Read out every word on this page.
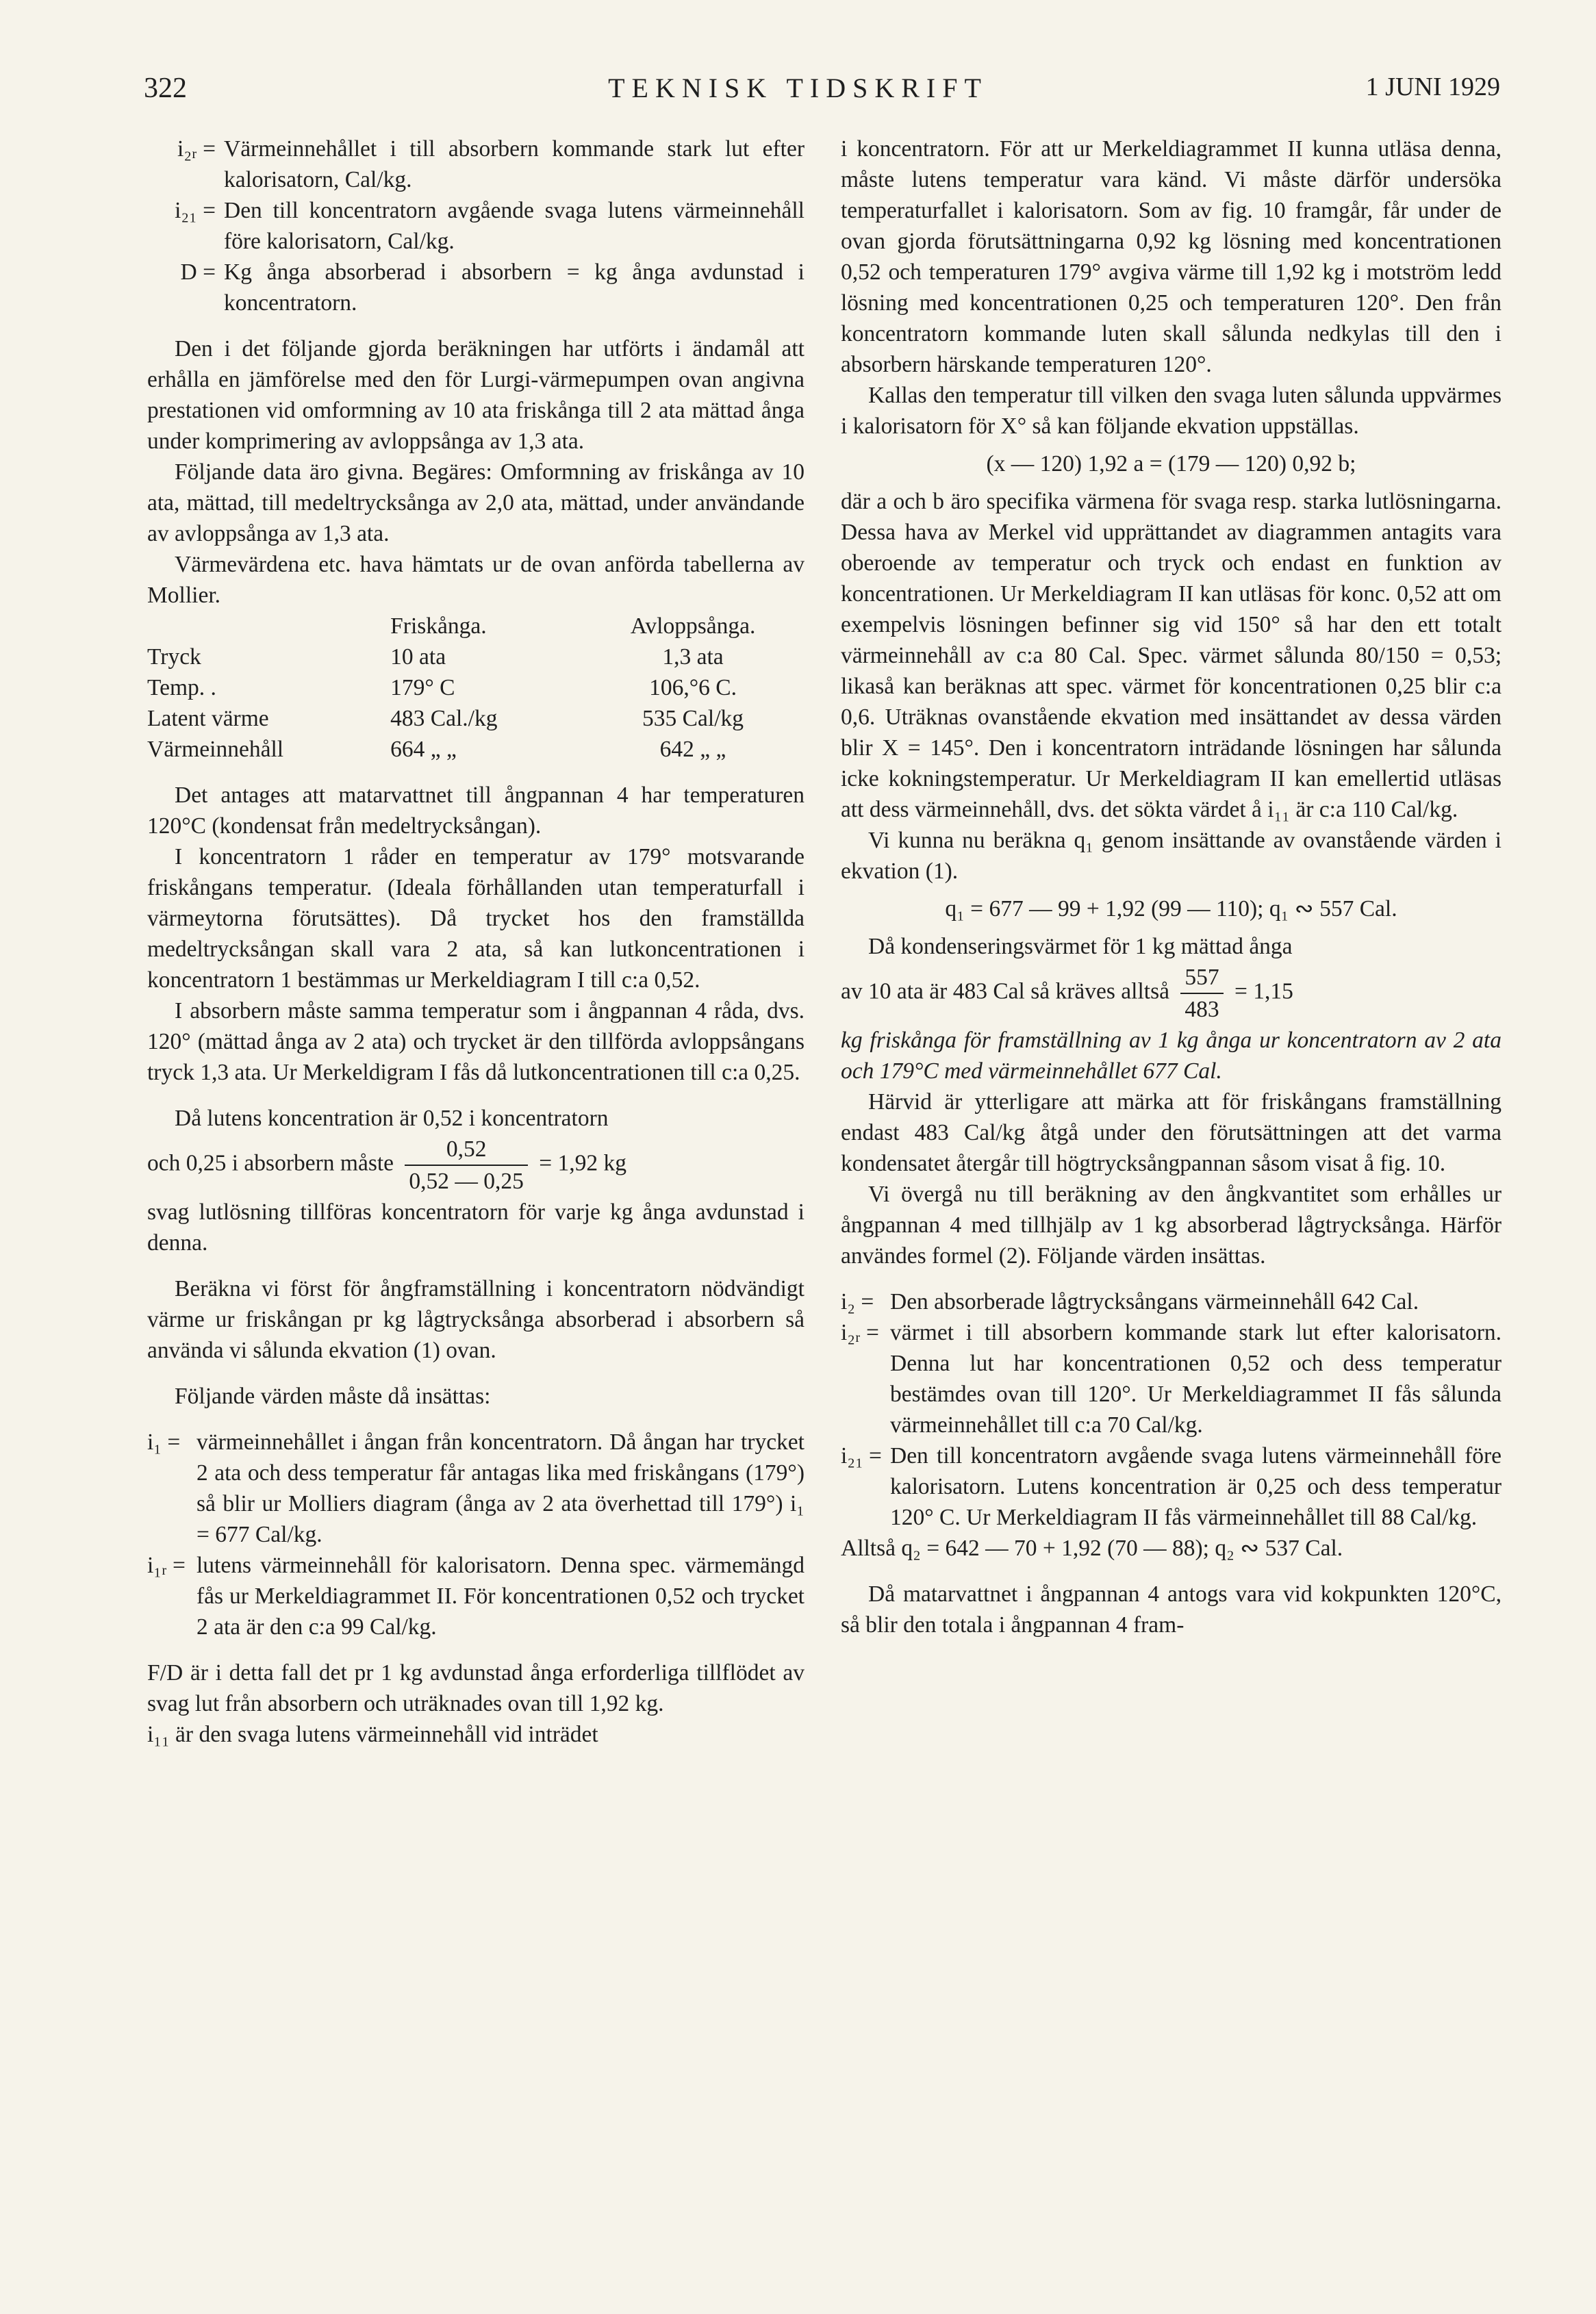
322	TEKNISK TIDSKRIFT	1 JUNI 1929
i₂ᵣ = Värmeinnehållet i till absorbern kommande stark lut efter kalorisatorn, Cal/kg.
i₂₁ = Den till koncentratorn avgående svaga lutens värmeinnehåll före kalorisatorn, Cal/kg.
D = Kg ånga absorberad i absorbern = kg ånga avdunstad i koncentratorn.

Den i det följande gjorda beräkningen har utförts i ändamål att erhålla en jämförelse med den för Lurgi-värmepumpen ovan angivna prestationen vid omformning av 10 ata friskånga till 2 ata mättad ånga under komprimering av avloppsånga av 1,3 ata.

Följande data äro givna. Begäres: Omformning av friskånga av 10 ata, mättad, till medeltrycksånga av 2,0 ata, mättad, under användande av avloppsånga av 1,3 ata.

Värmevärdena etc. hava hämtats ur de ovan anförda tabellerna av Mollier.

	Friskånga.	Avloppsånga.
Tryck	10 ata	1,3 ata
Temp. .	179° C	106,°6 C.
Latent värme	483 Cal./kg	535 Cal/kg
Värmeinnehåll	664 „ „	642 „ „

Det antages att matarvattnet till ångpannan 4 har temperaturen 120°C (kondensat från medeltrycksångan).

I koncentratorn 1 råder en temperatur av 179° motsvarande friskångans temperatur. (Ideala förhållanden utan temperaturfall i värmeytorna förutsättes). Då trycket hos den framställda medeltrycksångan skall vara 2 ata, så kan lutkoncentrationen i koncentratorn 1 bestämmas ur Merkeldiagram I till c:a 0,52.

I absorbern måste samma temperatur som i ångpannan 4 råda, dvs. 120° (mättad ånga av 2 ata) och trycket är den tillförda avloppsångans tryck 1,3 ata. Ur Merkeldigram I fås då lutkoncentrationen till c:a 0,25.

Då lutens koncentration är 0,52 i koncentratorn

och 0,25 i absorbern måste $\frac{0,52}{0,52 — 0,25} = 1,92$ kg

svag lutlösning tillföras koncentratorn för varje kg ånga avdunstad i denna.

Beräkna vi först för ångframställning i koncentratorn nödvändigt värme ur friskångan pr kg lågtrycksånga absorberad i absorbern så använda vi sålunda ekvation (1) ovan.

Följande värden måste då insättas:

i₁ = värmeinnehållet i ångan från koncentratorn. Då ångan har trycket 2 ata och dess temperatur får antagas lika med friskångans (179°) så blir ur Molliers diagram (ånga av 2 ata överhettad till 179°) i₁ = 677 Cal/kg.
i₁ᵣ = lutens värmeinnehåll för kalorisatorn. Denna spec. värmemängd fås ur Merkeldiagrammet II. För koncentrationen 0,52 och trycket 2 ata är den c:a 99 Cal/kg.

F/D är i detta fall det pr 1 kg avdunstad ånga erforderliga tillflödet av svag lut från absorbern och uträknades ovan till 1,92 kg.

i₁₁ är den svaga lutens värmeinnehåll vid inträdet

i koncentratorn. För att ur Merkeldiagrammet II kunna utläsa denna, måste lutens temperatur vara känd. Vi måste därför undersöka temperaturfallet i kalorisatorn. Som av fig. 10 framgår, får under de ovan gjorda förutsättningarna 0,92 kg lösning med koncentrationen 0,52 och temperaturen 179° avgiva värme till 1,92 kg i motström ledd lösning med koncentrationen 0,25 och temperaturen 120°. Den från koncentratorn kommande luten skall sålunda nedkylas till den i absorbern härskande temperaturen 120°.

Kallas den temperatur till vilken den svaga luten sålunda uppvärmes i kalorisatorn för X° så kan följande ekvation uppställas.

(x — 120) 1,92 a = (179 — 120) 0,92 b;

där a och b äro specifika värmena för svaga resp. starka lutlösningarna. Dessa hava av Merkel vid upprättandet av diagrammen antagits vara oberoende av temperatur och tryck och endast en funktion av koncentrationen. Ur Merkeldiagram II kan utläsas för konc. 0,52 att om exempelvis lösningen befinner sig vid 150° så har den ett totalt värmeinnehåll av c:a 80 Cal. Spec. värmet sålunda 80/150 = 0,53; likaså kan beräknas att spec. värmet för koncentrationen 0,25 blir c:a 0,6. Uträknas ovanstående ekvation med insättandet av dessa värden blir X = 145°. Den i koncentratorn inträdande lösningen har sålunda icke kokningstemperatur. Ur Merkeldiagram II kan emellertid utläsas att dess värmeinnehåll, dvs. det sökta värdet å i₁₁ är c:a 110 Cal/kg.

Vi kunna nu beräkna q₁ genom insättande av ovanstående värden i ekvation (1).

q₁ = 677 — 99 + 1,92 (99 — 110); q₁ ∾ 557 Cal.

Då kondenseringsvärmet för 1 kg mättad ånga

av 10 ata är 483 Cal så kräves alltså $\frac{557}{483} = 1,15$

kg friskånga för framställning av 1 kg ånga ur koncentratorn av 2 ata och 179°C med värmeinnehållet 677 Cal.

Härvid är ytterligare att märka att för friskångans framställning endast 483 Cal/kg åtgå under den förutsättningen att det varma kondensatet återgår till högtrycksångpannan såsom visat å fig. 10.

Vi övergå nu till beräkning av den ångkvantitet som erhålles ur ångpannan 4 med tillhjälp av 1 kg absorberad lågtrycksånga. Härför användes formel (2). Följande värden insättas.

i₂ = Den absorberade lågtrycksångans värmeinnehåll 642 Cal.
i₂ᵣ = värmet i till absorbern kommande stark lut efter kalorisatorn. Denna lut har koncentrationen 0,52 och dess temperatur bestämdes ovan till 120°. Ur Merkeldiagrammet II fås sålunda värmeinnehållet till c:a 70 Cal/kg.
i₂₁ = Den till koncentratorn avgående svaga lutens värmeinnehåll före kalorisatorn. Lutens koncentration är 0,25 och dess temperatur 120° C. Ur Merkeldiagram II fås värmeinnehållet till 88 Cal/kg.

Alltså q₂ = 642 — 70 + 1,92 (70 — 88); q₂ ∾ 537 Cal.

Då matarvattnet i ångpannan 4 antogs vara vid kokpunkten 120°C, så blir den totala i ångpannan 4 fram-
